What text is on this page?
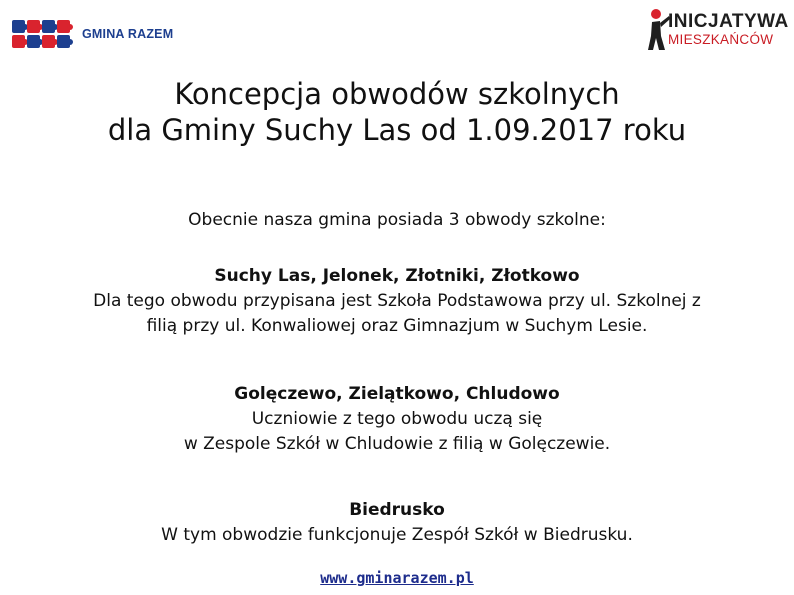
GMINA RAZEM
INICJATYWA
MIESZKAŃCÓW
Koncepcja obwodów szkolnych
dla Gminy Suchy Las od 1.09.2017 roku
Obecnie nasza gmina posiada 3 obwody szkolne:
Suchy Las, Jelonek, Złotniki, Złotkowo
Dla tego obwodu przypisana jest Szkoła Podstawowa przy ul. Szkolnej z
filią przy ul. Konwaliowej oraz Gimnazjum w Suchym Lesie.
Golęczewo, Zielątkowo, Chludowo
Uczniowie z tego obwodu uczą się
w Zespole Szkół w Chludowie z filią w Golęczewie.
Biedrusko
W tym obwodzie funkcjonuje Zespół Szkół w Biedrusku.
www.gminarazem.pl
